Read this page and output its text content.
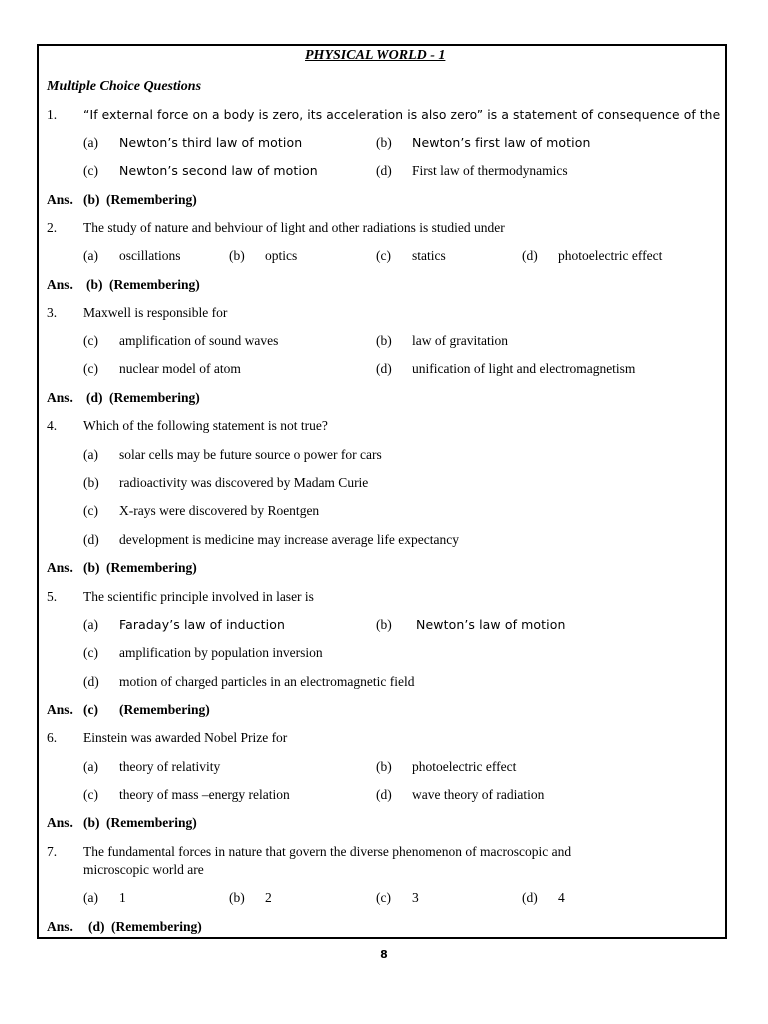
PHYSICAL WORLD - 1
Multiple Choice Questions
1. “If external force on a body is zero, its acceleration is also zero” is a statement of consequence of the
(a) Newton’s third law of motion	(b) Newton’s first law of motion
(c) Newton’s second law of motion	(d) First law of thermodynamics
Ans. (b) (Remembering)
2. The study of nature and behviour of light and other radiations is studied under
(a) oscillations	(b) optics	(c) statics	(d) photoelectric effect
Ans. (b) (Remembering)
3. Maxwell is responsible for
(c) amplification of sound waves	(b) law of gravitation
(c) nuclear model of atom	(d) unification of light and electromagnetism
Ans. (d) (Remembering)
4. Which of the following statement is not true?
(a) solar cells may be future source o power for cars
(b) radioactivity was discovered by Madam Curie
(c) X-rays were discovered by Roentgen
(d) development is medicine may increase average life expectancy
Ans. (b) (Remembering)
5. The scientific principle involved in laser is
(a) Faraday’s law of induction	(b) Newton’s law of motion
(c) amplification by population inversion
(d) motion of charged particles in an electromagnetic field
Ans. (c) (Remembering)
6. Einstein was awarded Nobel Prize for
(a) theory of relativity	(b) photoelectric effect
(c) theory of mass –energy relation	(d) wave theory of radiation
Ans. (b) (Remembering)
7. The fundamental forces in nature that govern the diverse phenomenon of macroscopic and
microscopic world are
(a) 1	(b) 2	(c) 3	(d) 4
Ans. (d) (Remembering)
8
